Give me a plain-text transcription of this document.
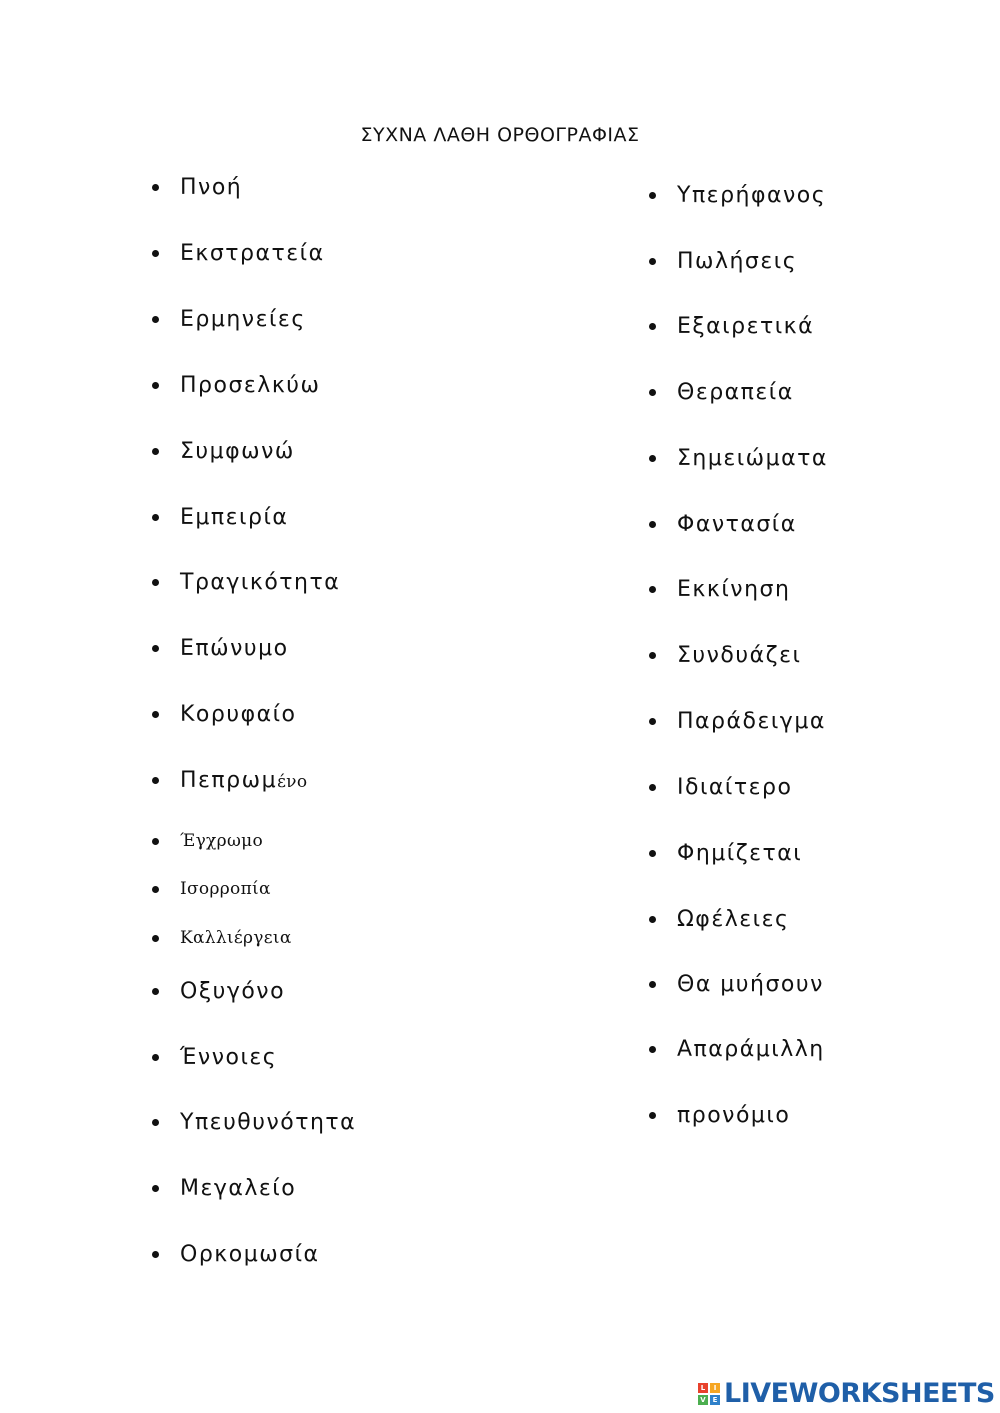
ΣΥΧΝΑ ΛΑΘΗ ΟΡΘΟΓΡΑΦΙΑΣ
Πνοή
Εκστρατεία
Ερμηνείες
Προσελκύω
Συμφωνώ
Εμπειρία
Τραγικότητα
Επώνυμο
Κορυφαίο
Πεπρωμένο
Έγχρωμο
Ισορροπία
Καλλιέργεια
Οξυγόνο
Έννοιες
Υπευθυνότητα
Μεγαλείο
Ορκομωσία
Υπερήφανος
Πωλήσεις
Εξαιρετικά
Θεραπεία
Σημειώματα
Φαντασία
Εκκίνηση
Συνδυάζει
Παράδειγμα
Ιδιαίτερο
Φημίζεται
Ωφέλειες
Θα μυήσουν
Απαράμιλλη
προνόμιο
L	I
V E LIVEWORKSHEETS
